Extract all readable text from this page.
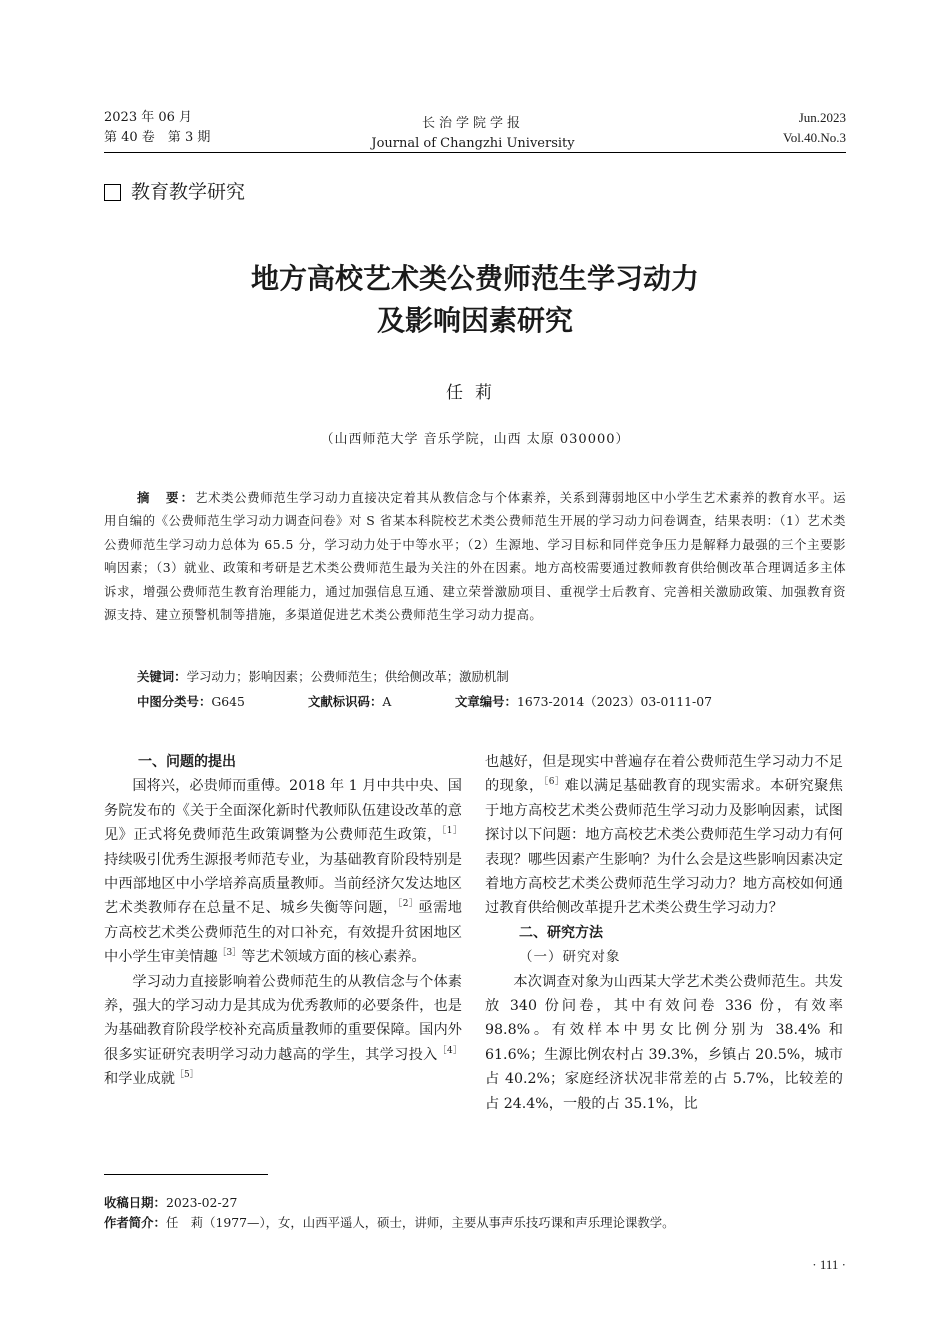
2023 年 06 月
第 40 卷　第 3 期
长治学院学报
Journal of Changzhi University
Jun.2023
Vol.40.No.3
教育教学研究
地方高校艺术类公费师范生学习动力
及影响因素研究
任莉
（山西师范大学 音乐学院，山西 太原 030000）
摘　要：艺术类公费师范生学习动力直接决定着其从教信念与个体素养，关系到薄弱地区中小学生艺术素养的教育水平。运用自编的《公费师范生学习动力调查问卷》对 S 省某本科院校艺术类公费师范生开展的学习动力问卷调查，结果表明：（1）艺术类公费师范生学习动力总体为 65.5 分，学习动力处于中等水平；（2）生源地、学习目标和同伴竞争压力是解释力最强的三个主要影响因素；（3）就业、政策和考研是艺术类公费师范生最为关注的外在因素。地方高校需要通过教师教育供给侧改革合理调适多主体诉求，增强公费师范生教育治理能力，通过加强信息互通、建立荣誉激励项目、重视学士后教育、完善相关激励政策、加强教育资源支持、建立预警机制等措施，多渠道促进艺术类公费师范生学习动力提高。
关键词：学习动力；影响因素；公费师范生；供给侧改革；激励机制
中图分类号：G645	文献标识码：A	文章编号：1673-2014（2023）03-0111-07
一、问题的提出

国将兴，必贵师而重傅。2018 年 1 月中共中央、国务院发布的《关于全面深化新时代教师队伍建设改革的意见》正式将免费师范生政策调整为公费师范生政策，$^{[1]}$持续吸引优秀生源报考师范专业，为基础教育阶段特别是中西部地区中小学培养高质量教师。当前经济欠发达地区艺术类教师存在总量不足、城乡失衡等问题，$^{[2]}$亟需地方高校艺术类公费师范生的对口补充，有效提升贫困地区中小学生审美情趣$^{[3]}$等艺术领域方面的核心素养。

学习动力直接影响着公费师范生的从教信念与个体素养，强大的学习动力是其成为优秀教师的必要条件，也是为基础教育阶段学校补充高质量教师的重要保障。国内外很多实证研究表明学习动力越高的学生，其学习投入$^{[4]}$和学业成就$^{[5]}$

也越好，但是现实中普遍存在着公费师范生学习动力不足的现象，$^{[6]}$难以满足基础教育的现实需求。本研究聚焦于地方高校艺术类公费师范生学习动力及影响因素，试图探讨以下问题：地方高校艺术类公费师范生学习动力有何表现？哪些因素产生影响？为什么会是这些影响因素决定着地方高校艺术类公费师范生学习动力？地方高校如何通过教育供给侧改革提升艺术类公费生学习动力？

二、研究方法
（一）研究对象

本次调查对象为山西某大学艺术类公费师范生。共发放 340 份问卷，其中有效问卷 336 份，有效率 98.8%。有效样本中男女比例分别为 38.4% 和 61.6%；生源比例农村占 39.3%，乡镇占 20.5%，城市占 40.2%；家庭经济状况非常差的占 5.7%，比较差的占 24.4%，一般的占 35.1%，比

收稿日期：2023-02-27
作者简介：任　莉（1977—），女，山西平遥人，硕士，讲师，主要从事声乐技巧课和声乐理论课教学。
· 111 ·
